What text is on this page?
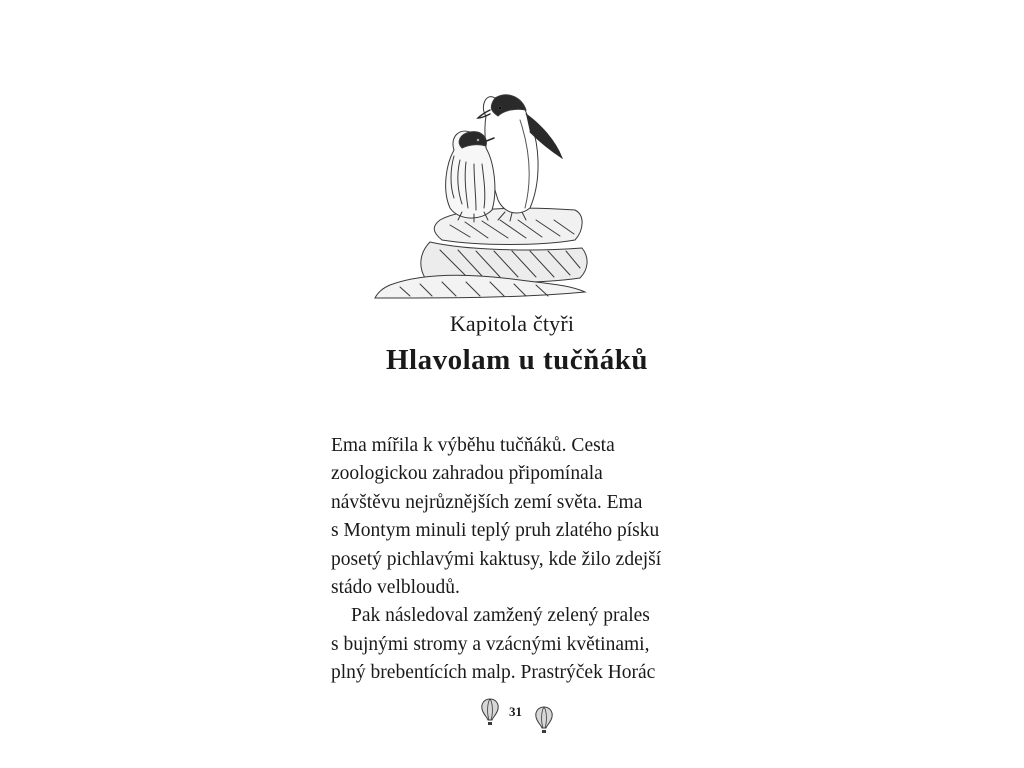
Kapitola čtyři
Hlavolam u tučňáků
Ema mířila k výběhu tučňáků. Cesta
zoologickou zahradou připomínala
návštěvu nejrůznějších zemí světa. Ema
s Montym minuli teplý pruh zlatého písku
posetý pichlavými kaktusy, kde žilo zdejší
stádo velbloudů.
Pak následoval zamžený zelený prales
s bujnými stromy a vzácnými květinami,
plný brebentících malp. Prastrýček Horác
31
